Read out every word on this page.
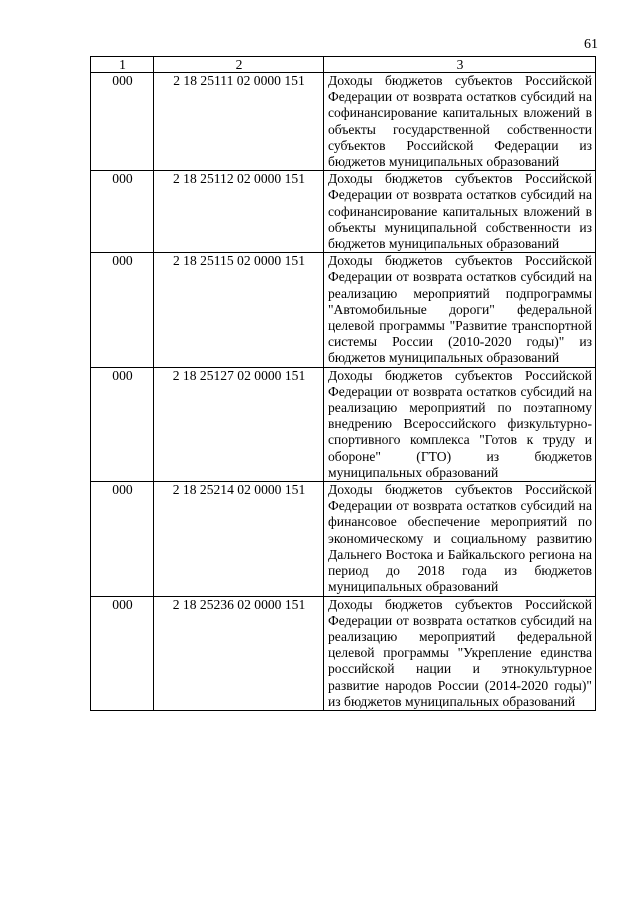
61
1	2	3
000	2 18 25111 02 0000 151	Доходы бюджетов субъектов Российской Федерации от возврата остатков субсидий на софинансирование капитальных вложений в объекты государственной собственности субъектов Российской Федерации из бюджетов муниципальных образований
000	2 18 25112 02 0000 151	Доходы бюджетов субъектов Российской Федерации от возврата остатков субсидий на софинансирование капитальных вложений в объекты муниципальной собственности из бюджетов муниципальных образований
000	2 18 25115 02 0000 151	Доходы бюджетов субъектов Российской Федерации от возврата остатков субсидий на реализацию мероприятий подпрограммы "Автомобильные дороги" федеральной целевой программы "Развитие транспортной системы России (2010-2020 годы)" из бюджетов муниципальных образований
000	2 18 25127 02 0000 151	Доходы бюджетов субъектов Российской Федерации от возврата остатков субсидий на реализацию мероприятий по поэтапному внедрению Всероссийского физкультурно-спортивного комплекса "Готов к труду и обороне" (ГТО) из бюджетов муниципальных образований
000	2 18 25214 02 0000 151	Доходы бюджетов субъектов Российской Федерации от возврата остатков субсидий на финансовое обеспечение мероприятий по экономическому и социальному развитию Дальнего Востока и Байкальского региона на период до 2018 года из бюджетов муниципальных образований
000	2 18 25236 02 0000 151	Доходы бюджетов субъектов Российской Федерации от возврата остатков субсидий на реализацию мероприятий федеральной целевой программы "Укрепление единства российской нации и этнокультурное развитие народов России (2014-2020 годы)" из бюджетов муниципальных образований
